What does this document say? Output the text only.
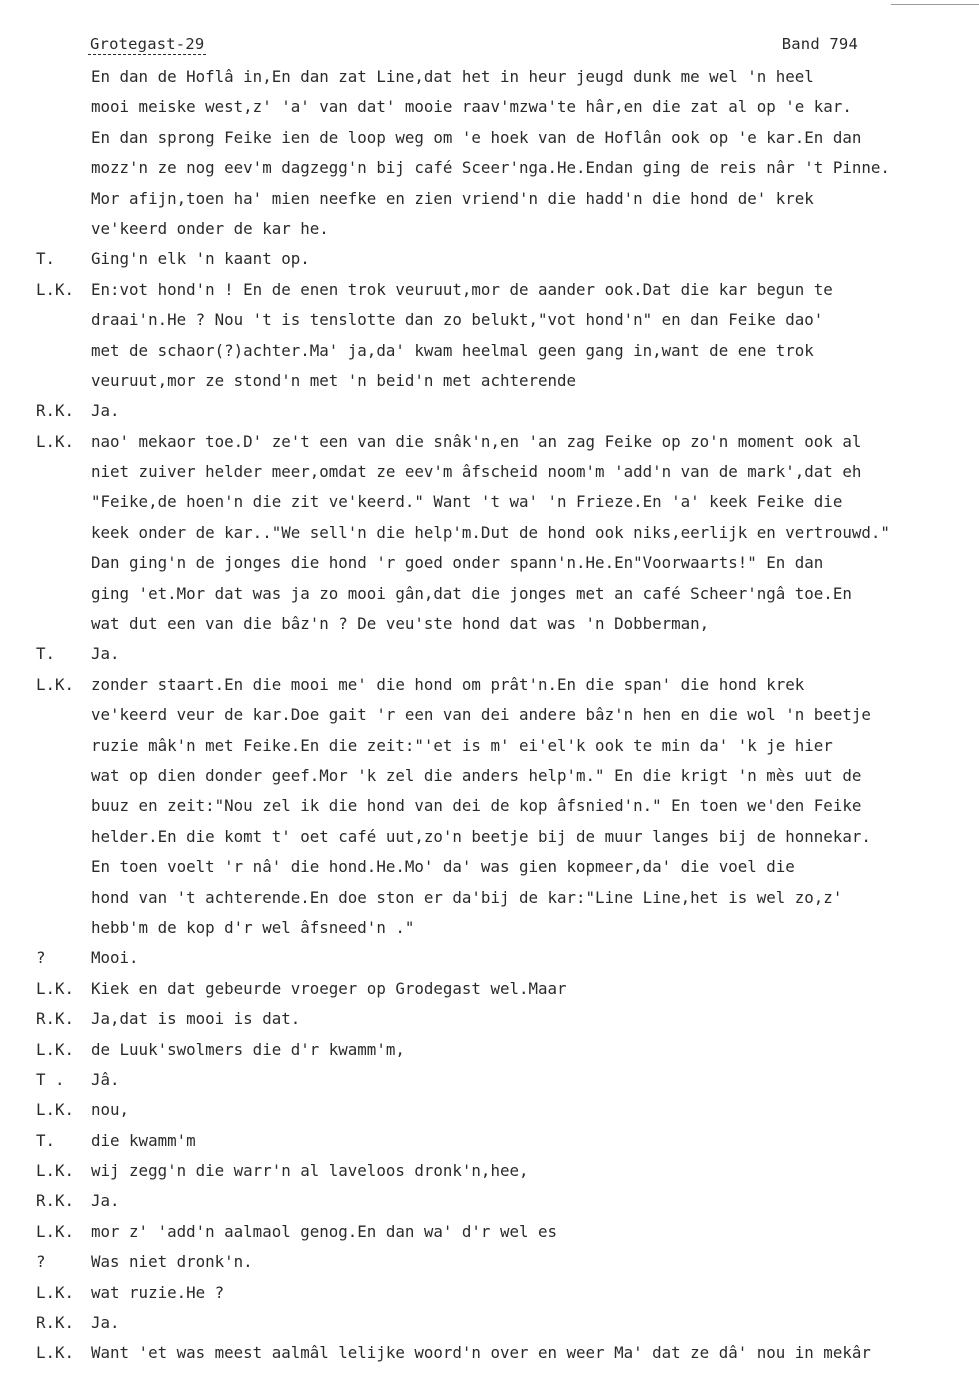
Grotegast-29	Band 794
En dan de Hoflâ in,En dan zat Line,dat het in heur jeugd dunk me wel 'n heel
mooi meiske west,z' 'a' van dat' mooie raav'mzwa'te hâr,en die zat al op 'e kar.
En dan sprong Feike ien de loop weg om 'e hoek van de Hoflân ook op 'e kar.En dan
mozz'n ze nog eev'm dagzegg'n bij café Sceer'nga.He.Endan ging de reis nâr 't Pinne.
Mor afijn,toen ha' mien neefke en zien vriend'n die hadd'n die hond de' krek
ve'keerd onder de kar he.
T.	Ging'n elk 'n kaant op.
L.K.	En:vot hond'n ! En de enen trok veuruut,mor de aander ook.Dat die kar begun te
draai'n.He ? Nou 't is tenslotte dan zo belukt,"vot hond'n" en dan Feike dao'
met de schaor(?)achter.Ma' ja,da' kwam heelmal geen gang in,want de ene trok
veuruut,mor ze stond'n met 'n beid'n met achterende
R.K.	Ja.
L.K.	nao' mekaor toe.D' ze't een van die snâk'n,en 'an zag Feike op zo'n moment ook al
niet zuiver helder meer,omdat ze eev'm âfscheid noom'm 'add'n van de mark',dat eh
"Feike,de hoen'n die zit ve'keerd." Want 't wa' 'n Frieze.En 'a' keek Feike die
keek onder de kar.."We sell'n die help'm.Dut de hond ook niks,eerlijk en vertrouwd."
Dan ging'n de jonges die hond 'r goed onder spann'n.He.En"Voorwaarts!" En dan
ging 'et.Mor dat was ja zo mooi gân,dat die jonges met an café Scheer'ngâ toe.En
wat dut een van die bâz'n ? De veu'ste hond dat was 'n Dobberman,
T.	Ja.
L.K.	zonder staart.En die mooi me' die hond om prât'n.En die span' die hond krek
ve'keerd veur de kar.Doe gait 'r een van dei andere bâz'n hen en die wol 'n beetje
ruzie mâk'n met Feike.En die zeit:"'et is m' ei'el'k ook te min da' 'k je hier
wat op dien donder geef.Mor 'k zel die anders help'm." En die krigt 'n mès uut de
buuz en zeit:"Nou zel ik die hond van dei de kop âfsnied'n." En toen we'den Feike
helder.En die komt t' oet café uut,zo'n beetje bij de muur langes bij de honnekar.
En toen voelt 'r nâ' die hond.He.Mo' da' was gien kopmeer,da' die voel die
hond van 't achterende.En doe ston er da'bij de kar:"Line Line,het is wel zo,z'
hebb'm de kop d'r wel âfsneed'n ."
?	Mooi.
L.K.	Kiek en dat gebeurde vroeger op Grodegast wel.Maar
R.K.	Ja,dat is mooi is dat.
L.K.	de Luuk'swolmers die d'r kwamm'm,
T .	Jâ.
L.K.	nou,
T.	die kwamm'm
L.K.	wij zegg'n die warr'n al laveloos dronk'n,hee,
R.K.	Ja.
L.K.	mor z' 'add'n aalmaol genog.En dan wa' d'r wel es
?	Was niet dronk'n.
L.K.	wat ruzie.He ?
R.K.	Ja.
L.K.	Want 'et was meest aalmâl lelijke woord'n over en weer Ma' dat ze dâ' nou in mekâr
